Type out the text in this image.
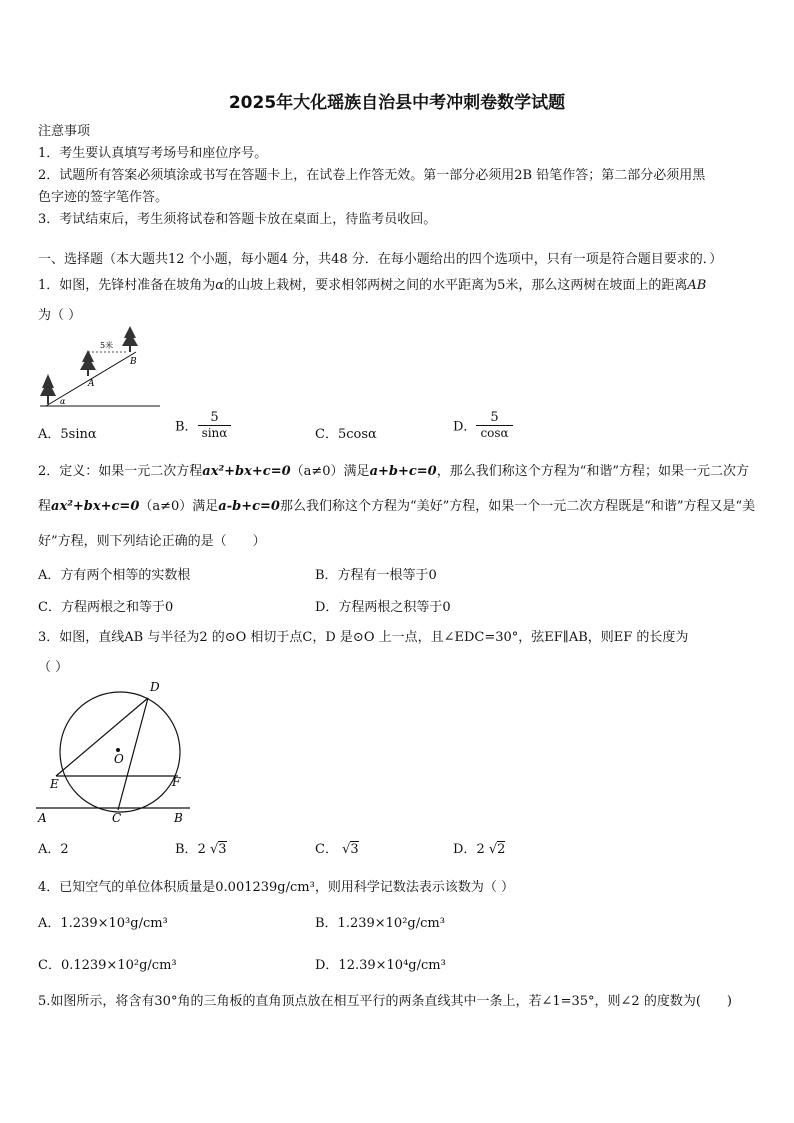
2025年大化瑶族自治县中考冲刺卷数学试题
注意事项
1．考生要认真填写考场号和座位序号。
2．试题所有答案必须填涂或书写在答题卡上，在试卷上作答无效。第一部分必须用2B 铅笔作答；第二部分必须用黑
色字迹的签字笔作答。
3．考试结束后，考生须将试卷和答题卡放在桌面上，待监考员收回。
一、选择题（本大题共12 个小题，每小题4 分，共48 分．在每小题给出的四个选项中，只有一项是符合题目要求的．）
1．如图，先锋村准备在坡角为α的山坡上栽树，要求相邻两树之间的水平距离为5米，那么这两树在坡面上的距离AB
为（ ）
5米
A
B
α
A．5sinα	B． $\frac{5}{\sin\alpha}$	C．5cosα	D． $\frac{5}{\cos\alpha}$
2．定义：如果一元二次方程ax²+bx+c=0（a≠0）满足a+b+c=0，那么我们称这个方程为“和谐”方程；如果一元二次方
程ax²+bx+c=0（a≠0）满足a-b+c=0那么我们称这个方程为“美好”方程，如果一个一元二次方程既是“和谐”方程又是“美
好”方程，则下列结论正确的是（　　）
A．方有两个相等的实数根	B．方程有一根等于0
C．方程两根之和等于0	D．方程两根之积等于0
3．如图，直线AB 与半径为2 的⊙O 相切于点C，D 是⊙O 上一点，且∠EDC=30°，弦EF∥AB，则EF 的长度为
（ ）
D
O
E	F
A	C	B
A．2	B．2 √3	C． √3	D．2 √2
4．已知空气的单位体积质量是0.001239g/cm³，则用科学记数法表示该数为（ ）
A．1.239×10³g/cm³	B．1.239×10²g/cm³
C．0.1239×10²g/cm³	D．12.39×10⁴g/cm³
5.如图所示，将含有30°角的三角板的直角顶点放在相互平行的两条直线其中一条上，若∠1=35°，则∠2 的度数为(　　)
